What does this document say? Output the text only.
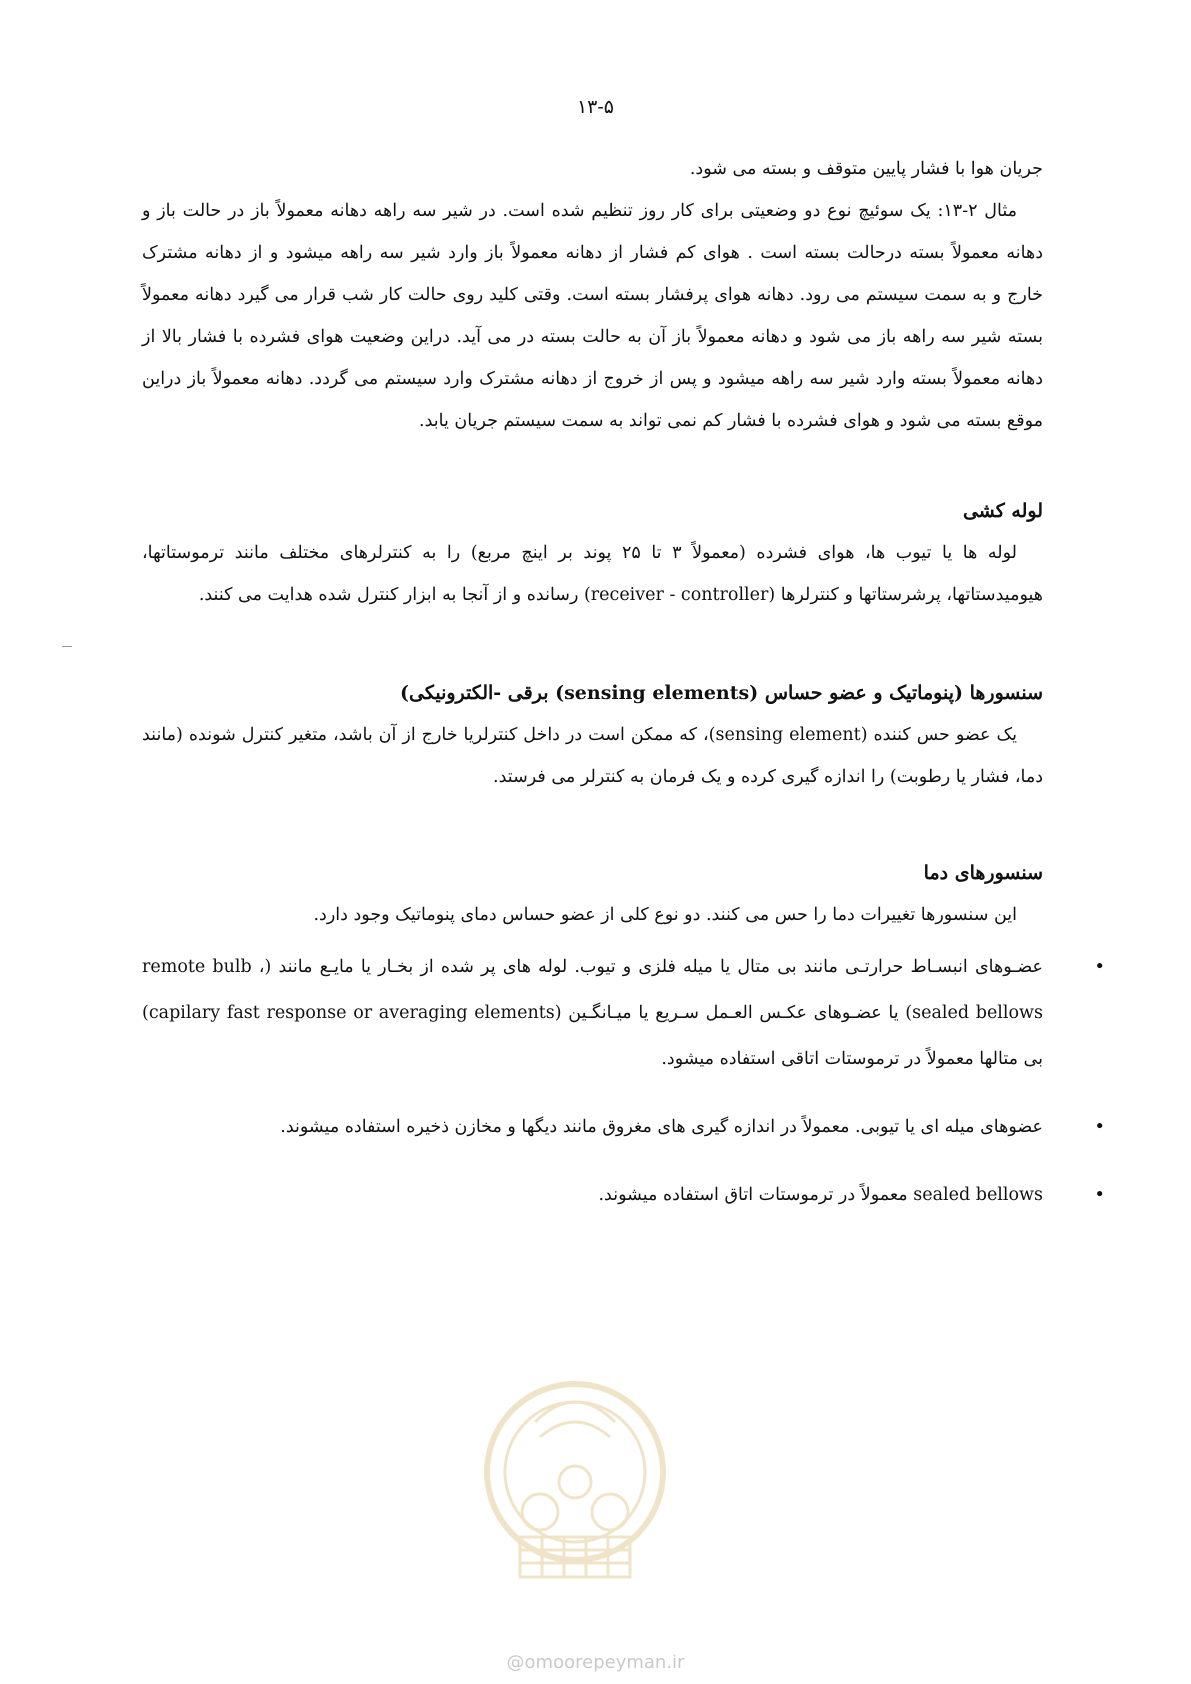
۱۳-۵

جریان هوا با فشار پایین متوقف و بسته می شود.

مثال ۲-۱۳: یک سوئیچ نوع دو وضعیتی برای کار روز تنظیم شده است. در شیر سه راهه دهانه معمولاً باز در حالت باز و دهانه معمولاً بسته درحالت بسته است . هوای کم فشار از دهانه معمولاً باز وارد شیر سه راهه میشود و از دهانه مشترک خارج و به سمت سیستم می رود. دهانه هوای پرفشار بسته است. وقتی کلید روی حالت کار شب قرار می گیرد دهانه معمولاً بسته شیر سه راهه باز می شود و دهانه معمولاً باز آن به حالت بسته در می آید. دراین وضعیت هوای فشرده با فشار بالا از دهانه معمولاً بسته وارد شیر سه راهه میشود و پس از خروج از دهانه مشترک وارد سیستم می گردد. دهانه معمولاً باز دراین موقع بسته می شود و هوای فشرده با فشار کم نمی تواند به سمت سیستم جریان یابد.

لوله کشی

لوله ها یا تیوب ها، هوای فشرده (معمولاً ۳ تا ۲۵ پوند بر اینچ مربع) را به کنترلرهای مختلف مانند ترموستاتها، هیومیدستاتها، پرشرستاتها و کنترلرها (receiver - controller) رسانده و از آنجا به ابزار کنترل شده هدایت می کنند.

سنسورها (پنوماتیک و عضو حساس (sensing elements) برقی -الکترونیکی)

یک عضو حس کننده (sensing element)، که ممکن است در داخل کنترلریا خارج از آن باشد، متغیر کنترل شونده (مانند دما، فشار یا رطوبت) را اندازه گیری کرده و یک فرمان به کنترلر می فرستد.

سنسورهای دما

این سنسورها تغییرات دما را حس می کنند. دو نوع کلی از عضو حساس دمای پنوماتیک وجود دارد.

•
عضـوهای انبسـاط حرارتـی مانند بی متال یا میله فلزی و تیوب. لوله های پر شده از بخـار یا مایـع مانند (remote bulb ، sealed bellows) یا عضـوهای عکـس العـمل سـریع یا میـانگـین (capilary fast response or averaging elements) بی متالها معمولاً در ترموستات اتاقی استفاده میشود.
•
عضوهای میله ای یا تیوبی. معمولاً در اندازه گیری های مغروق مانند دیگها و مخازن ذخیره استفاده میشوند.
•
sealed bellows معمولاً در ترموستات اتاق استفاده میشوند.
@omoorepeyman.ir
